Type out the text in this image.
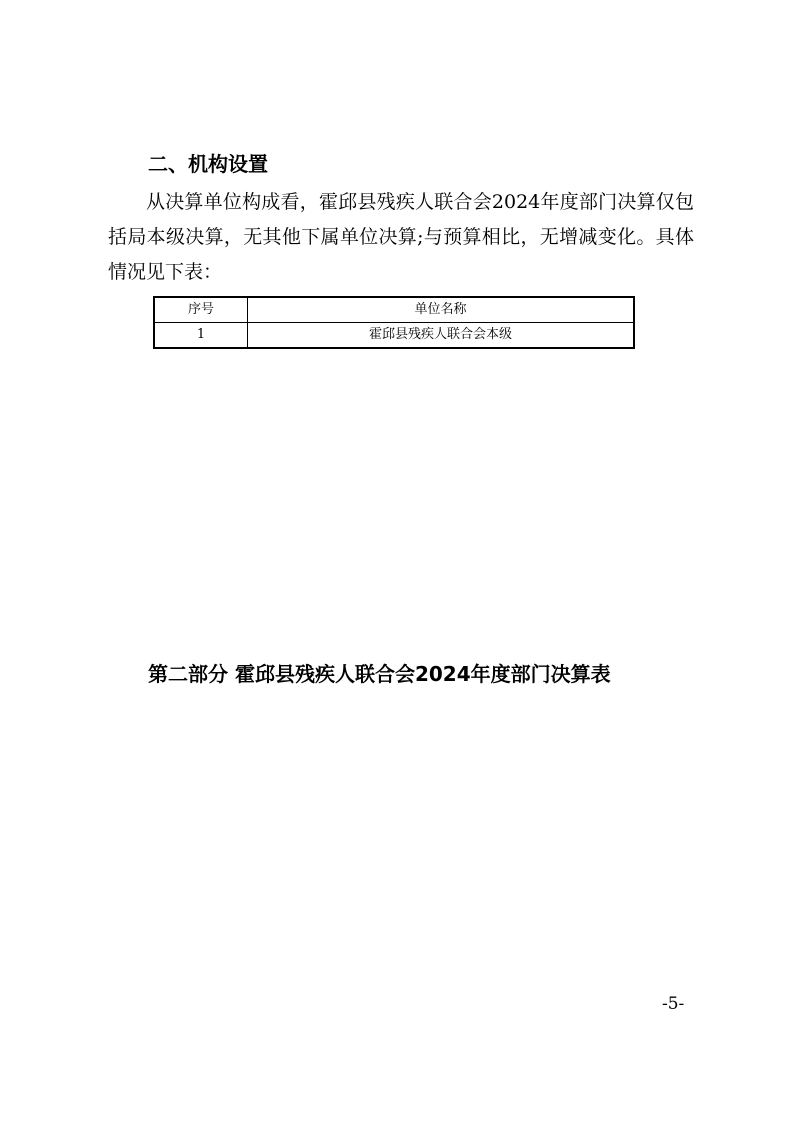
二、机构设置

从决算单位构成看，霍邱县残疾人联合会2024年度部门决算仅包括局本级决算，无其他下属单位决算;与预算相比，无增减变化。具体情况见下表：

序号	单位名称
1	霍邱县残疾人联合会本级
第二部分 霍邱县残疾人联合会2024年度部门决算表
-5-
